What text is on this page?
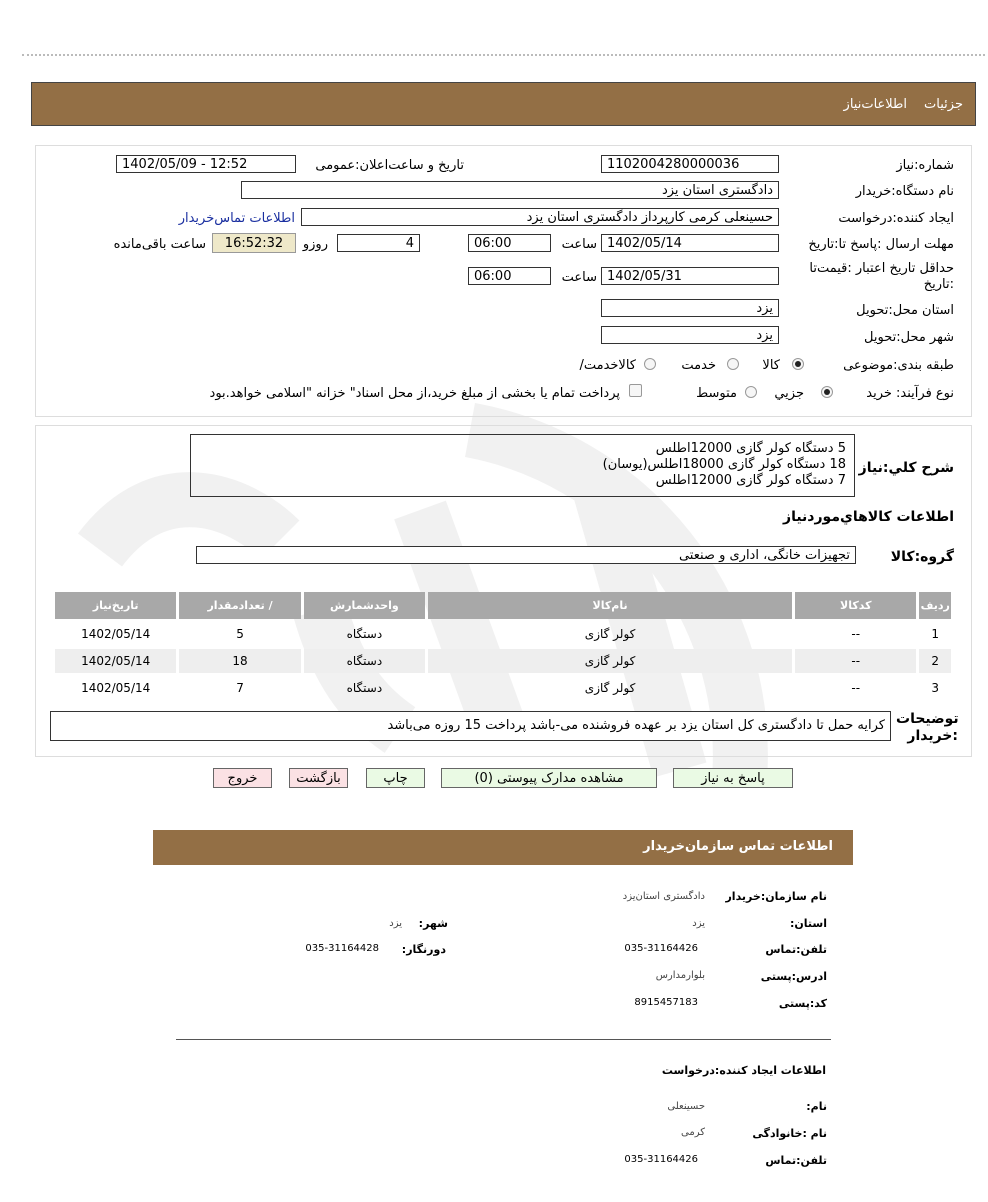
جزئیات
اطلاعات‌نیاز
شماره:نیاز
1102004280000036
تاریخ و ساعت‌اعلان:عمومی
1402/05/09 - 12:52
نام دستگاه:خریدار
دادگستری استان یزد
ایجاد کننده:درخواست
حسینعلی کرمی کارپرداز دادگستری استان یزد
اطلاعات تماس‌خریدار
مهلت ارسال :پاسخ تا:تاریخ
1402/05/14
ساعت
06:00
4
روزو
16:52:32
ساعت باقی‌مانده
حداقل تاریخ اعتبار :قیمت‌تا :تاریخ
1402/05/31
ساعت
06:00
استان محل:تحویل
یزد
شهر محل:تحویل
یزد
طبقه بندی:موضوعی
کالا
خدمت
/کالاخدمت
نوع فرآیند: خرید
جزیي
متوسط
پرداخت تمام یا بخشی از مبلغ خرید،از محل اسناد" خزانه "اسلامی خواهد.بود
شرح کلي:نیاز
5 دستگاه کولر گازی 12000اطلس
18 دستگاه کولر گازی 18000اطلس(یوسان)
7 دستگاه کولر گازی 12000اطلس
اطلاعات کالاهاي‌موردنیاز
گروه:کالا
تجهیزات خانگی، اداری و صنعتی
ردیف	کدکالا	نام‌کالا	واحدشمارش	/ تعدادمقدار	تاریخ‌نیاز
1	--	کولر گازی	دستگاه	5	1402/05/14
2	--	کولر گازی	دستگاه	18	1402/05/14
3	--	کولر گازی	دستگاه	7	1402/05/14
توضیحات :خریدار
کرایه حمل تا دادگستری کل استان یزد بر عهده فروشنده می-باشد پرداخت 15 روزه می‌باشد
پاسخ به نیاز
مشاهده مدارک پیوستی (0)
چاپ
بازگشت
خروج
اطلاعات تماس سازمان‌خریدار
نام سازمان:خریدار
دادگستری استان‌یزد
:استان
یزد
:شهر
یزد
تلفن:تماس
035-31164426
:دورنگار
035-31164428
ادرس:پستی
بلوارمدارس
کد:پستی
8915457183
اطلاعات ایجاد کننده:درخواست
:نام
حسینعلی
نام :خانوادگی
کرمی
تلفن:تماس
035-31164426
